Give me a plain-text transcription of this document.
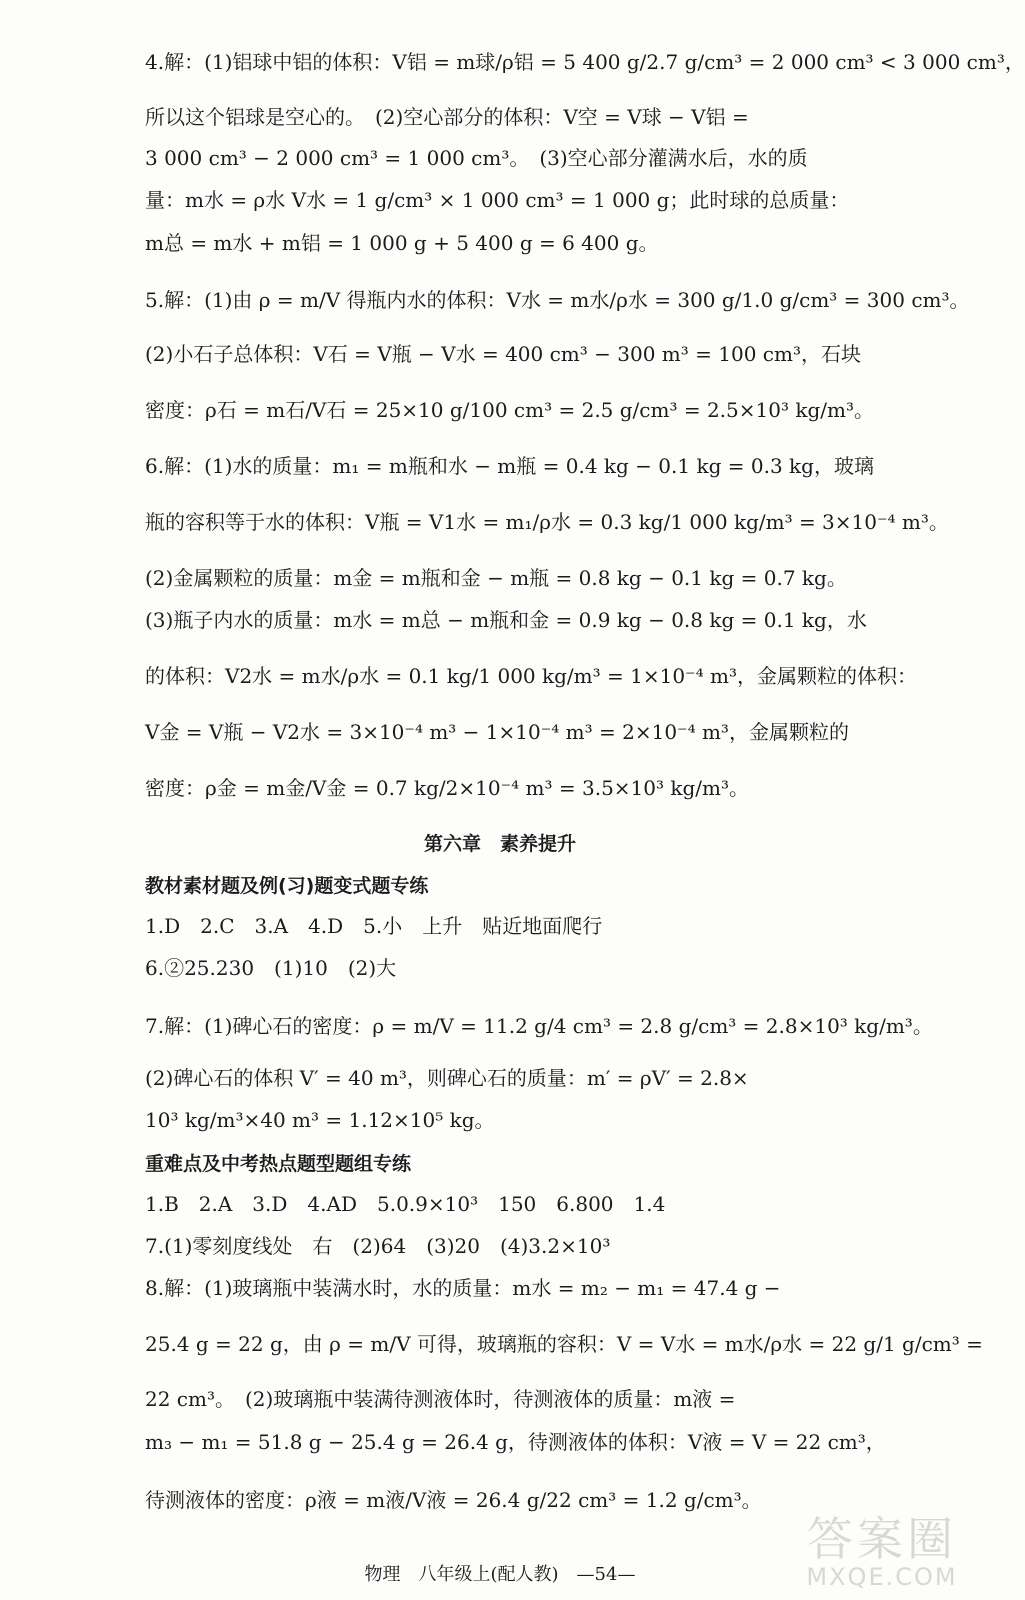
4.解：(1)铝球中铝的体积：V铝 = m球/ρ铝 = 5 400 g/2.7 g/cm³ = 2 000 cm³ < 3 000 cm³，
所以这个铝球是空心的。　(2)空心部分的体积：V空 = V球 − V铝 =
3 000 cm³ − 2 000 cm³ = 1 000 cm³。　(3)空心部分灌满水后，水的质
量：m水 = ρ水 V水 = 1 g/cm³ × 1 000 cm³ = 1 000 g；此时球的总质量：
m总 = m水 + m铝 = 1 000 g + 5 400 g = 6 400 g。
5.解：(1)由 ρ = m/V 得瓶内水的体积：V水 = m水/ρ水 = 300 g/1.0 g/cm³ = 300 cm³。
(2)小石子总体积：V石 = V瓶 − V水 = 400 cm³ − 300 m³ = 100 cm³，石块
密度：ρ石 = m石/V石 = 25×10 g/100 cm³ = 2.5 g/cm³ = 2.5×10³ kg/m³。
6.解：(1)水的质量：m₁ = m瓶和水 − m瓶 = 0.4 kg − 0.1 kg = 0.3 kg，玻璃
瓶的容积等于水的体积：V瓶 = V1水 = m₁/ρ水 = 0.3 kg/1 000 kg/m³ = 3×10⁻⁴ m³。
(2)金属颗粒的质量：m金 = m瓶和金 − m瓶 = 0.8 kg − 0.1 kg = 0.7 kg。
(3)瓶子内水的质量：m水 = m总 − m瓶和金 = 0.9 kg − 0.8 kg = 0.1 kg，水
的体积：V2水 = m水/ρ水 = 0.1 kg/1 000 kg/m³ = 1×10⁻⁴ m³，金属颗粒的体积：
V金 = V瓶 − V2水 = 3×10⁻⁴ m³ − 1×10⁻⁴ m³ = 2×10⁻⁴ m³，金属颗粒的
密度：ρ金 = m金/V金 = 0.7 kg/2×10⁻⁴ m³ = 3.5×10³ kg/m³。
第六章　素养提升
教材素材题及例(习)题变式题专练
1.D　2.C　3.A　4.D　5.小　上升　贴近地面爬行
6.②25.230　(1)10　(2)大
7.解：(1)碑心石的密度：ρ = m/V = 11.2 g/4 cm³ = 2.8 g/cm³ = 2.8×10³ kg/m³。
(2)碑心石的体积 V′ = 40 m³，则碑心石的质量：m′ = ρV′ = 2.8×
10³ kg/m³×40 m³ = 1.12×10⁵ kg。
重难点及中考热点题型题组专练
1.B　2.A　3.D　4.AD　5.0.9×10³　150　6.800　1.4
7.(1)零刻度线处　右　(2)64　(3)20　(4)3.2×10³
8.解：(1)玻璃瓶中装满水时，水的质量：m水 = m₂ − m₁ = 47.4 g −
25.4 g = 22 g，由 ρ = m/V 可得，玻璃瓶的容积：V = V水 = m水/ρ水 = 22 g/1 g/cm³ =
22 cm³。　(2)玻璃瓶中装满待测液体时，待测液体的质量：m液 =
m₃ − m₁ = 51.8 g − 25.4 g = 26.4 g，待测液体的体积：V液 = V = 22 cm³，
待测液体的密度：ρ液 = m液/V液 = 26.4 g/22 cm³ = 1.2 g/cm³。
物理　八年级上(配人教)　—54—
答案圈
MXQE.COM
